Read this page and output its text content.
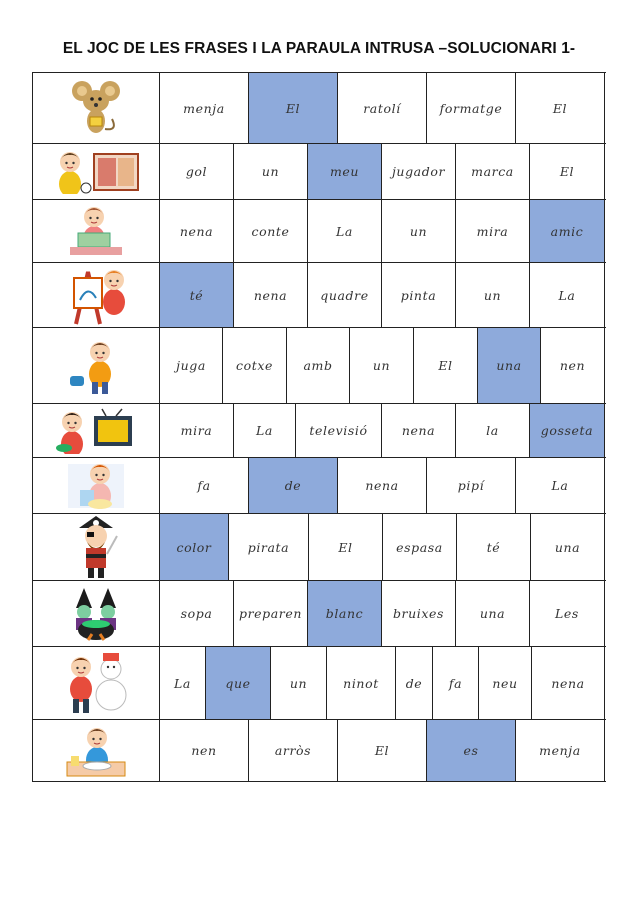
EL JOC DE LES FRASES I LA PARAULA INTRUSA –SOLUCIONARI 1-
menja	El	ratolí	formatge	El
gol	un	meu	jugador	marca	El
nena	conte	La	un	mira	amic
té	nena	quadre	pinta	un	La
juga	cotxe	amb	un	El	una	nen
mira	La	televisió	nena	la	gosseta
fa	de	nena	pipí	La
color	pirata	El	espasa	té	una
sopa	preparen	blanc	bruixes	una	Les
La	que	un	ninot	de	fa	neu	nena
nen	arròs	El	es	menja
